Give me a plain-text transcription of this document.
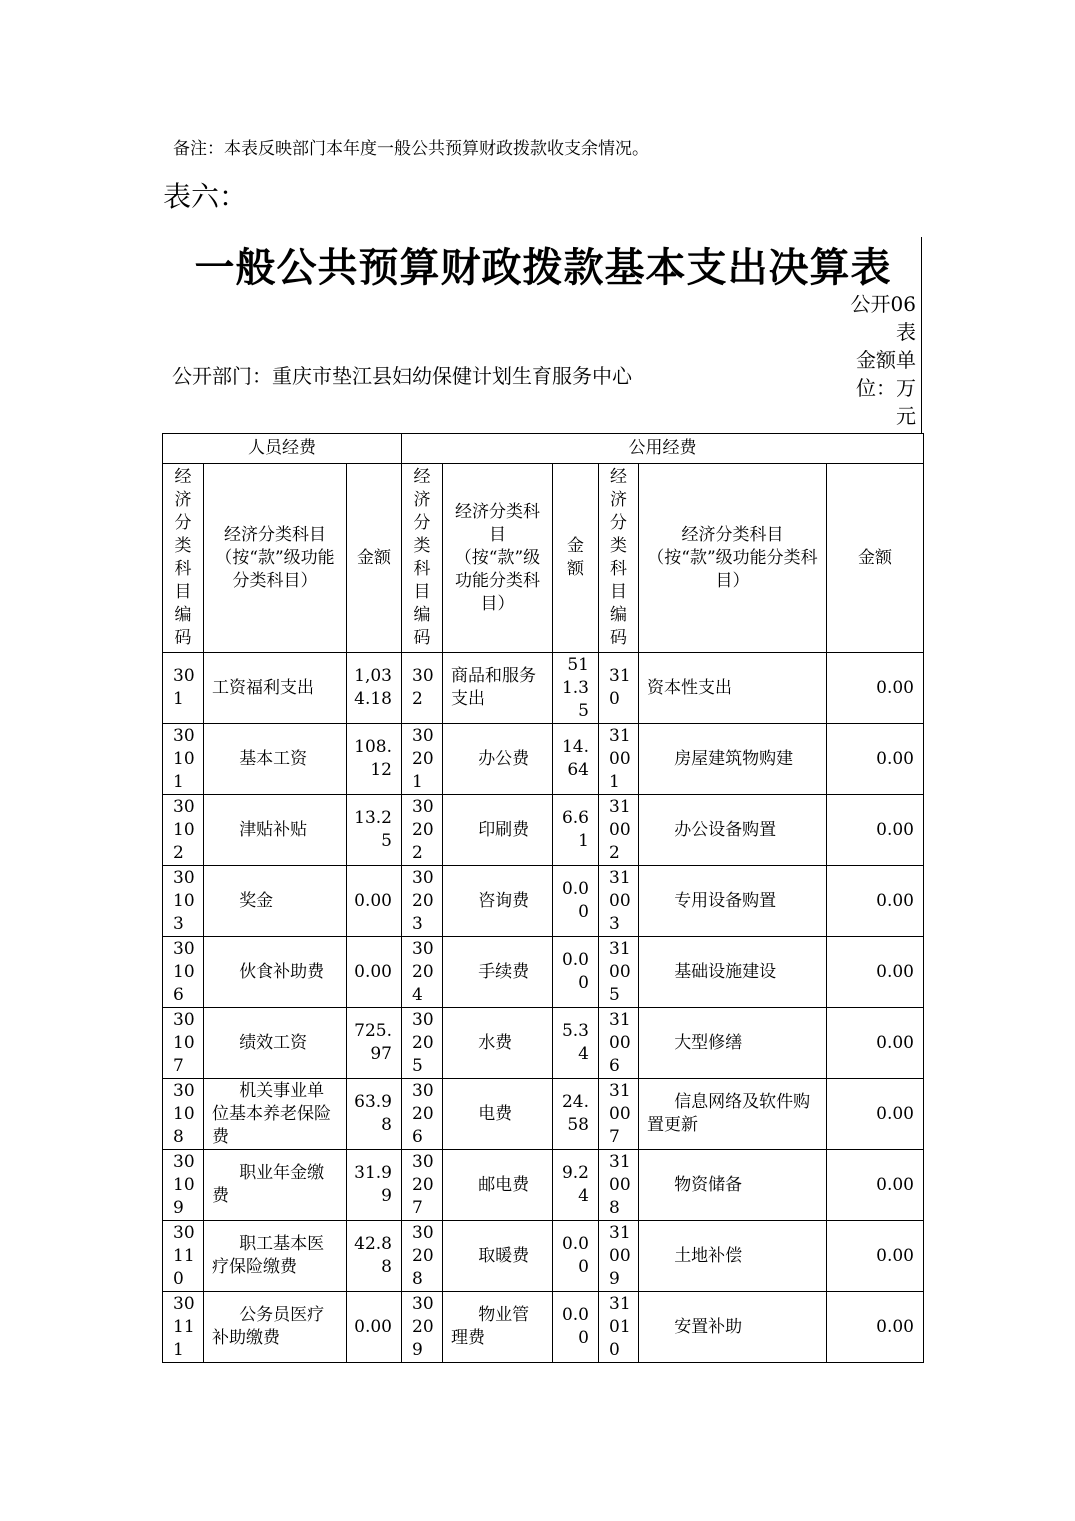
备注：本表反映部门本年度一般公共预算财政拨款收支余情况。
表六：
一般公共预算财政拨款基本支出决算表
公开06表
金额单位：万元
公开部门：重庆市垫江县妇幼保健计划生育服务中心
人员经费			公用经费					
经济分类科目编码	经济分类科目（按“款”级功能分类科目）	金额	经济分类科目编码	经济分类科目（按“款”级功能分类科目）	金额	经济分类科目编码	经济分类科目（按“款”级功能分类科目）	金额
301	工资福利支出	1,034.18	302	商品和服务支出	511.35	310	资本性支出	0.00
30101	基本工资	108.12	30201	办公费	14.64	31001	房屋建筑物购建	0.00
30102	津贴补贴	13.25	30202	印刷费	6.61	31002	办公设备购置	0.00
30103	奖金	0.00	30203	咨询费	0.00	31003	专用设备购置	0.00
30106	伙食补助费	0.00	30204	手续费	0.00	31005	基础设施建设	0.00
30107	绩效工资	725.97	30205	水费	5.34	31006	大型修缮	0.00
30108	机关事业单位基本养老保险费	63.98	30206	电费	24.58	31007	信息网络及软件购置更新	0.00
30109	职业年金缴费	31.99	30207	邮电费	9.24	31008	物资储备	0.00
30110	职工基本医疗保险缴费	42.88	30208	取暖费	0.00	31009	土地补偿	0.00
30111	公务员医疗补助缴费	0.00	30209	物业管理费	0.00	31010	安置补助	0.00
